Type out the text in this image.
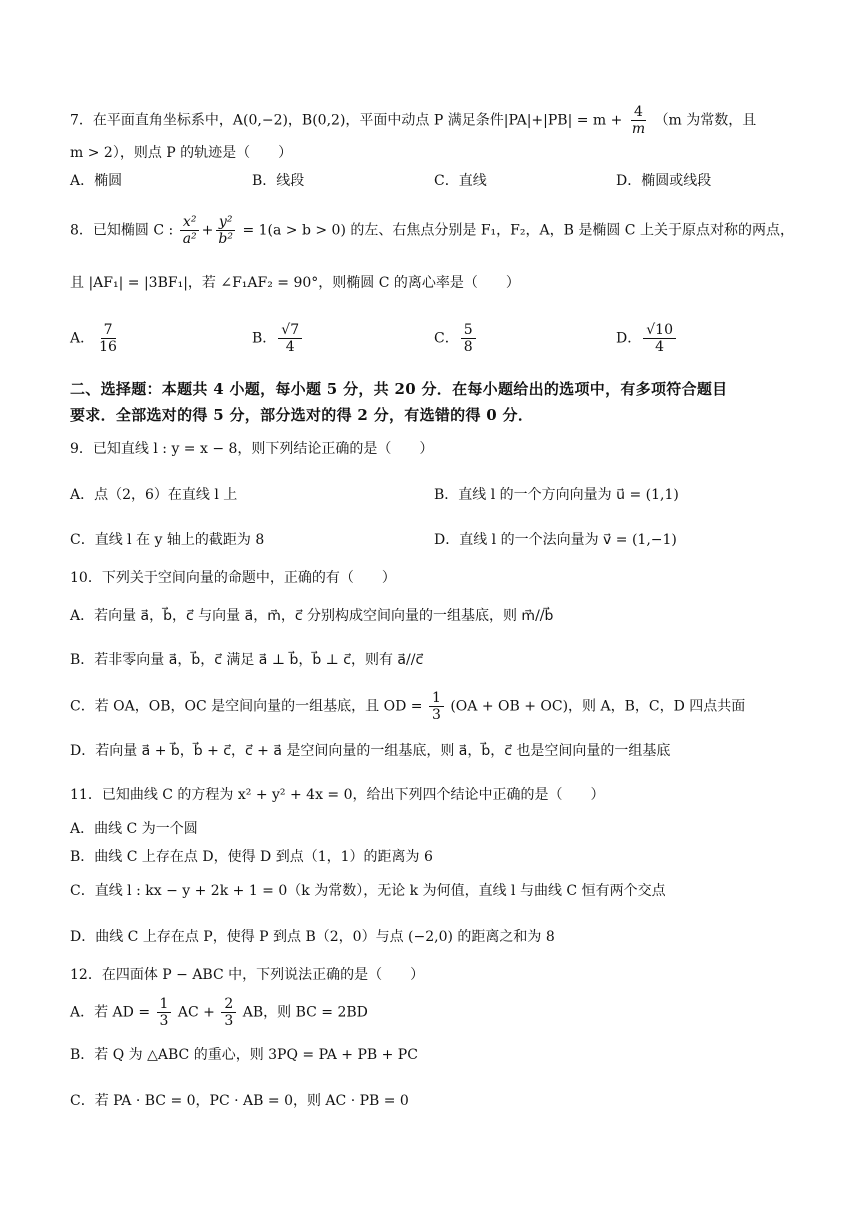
7．在平面直角坐标系中，A(0,−2)，B(0,2)，平面中动点 P 满足条件$|PA|+|PB| = m + \frac{4}{m} (m$ 为常数，且
m > 2），则点 P 的轨迹是（　　）
A．椭圆	B．线段	C．直线	D．椭圆或线段
8．已知椭圆 C : $\frac{\text{x²}}{\text{a²}} + \frac{\text{y²}}{\text{b²}} = 1(a > b > 0)$ 的左、右焦点分别是 F₁，F₂，A，B 是椭圆 C 上关于原点对称的两点，
且 |AF₁| = |3BF₁|，若 ∠F₁AF₂ = 90°，则椭圆 C 的离心率是（　　）
A． $\frac{7}{16}$	B． $\frac{√7}{4}$	C． $\frac{5}{8}$	D． $\frac{√10}{4}$
二、选择题：本题共 4 小题，每小题 5 分，共 20 分．在每小题给出的选项中，有多项符合题目
要求．全部选对的得 5 分，部分选对的得 2 分，有选错的得 0 分．
9．已知直线 l : y = x − 8，则下列结论正确的是（　　）
A．点（2，6）在直线 l 上	B．直线 l 的一个方向向量为 u⃗ = (1,1)
C．直线 l 在 y 轴上的截距为 8	D．直线 l 的一个法向量为 v⃗ = (1,−1)
10．下列关于空间向量的命题中，正确的有（　　）
A．若向量 a⃗，b⃗，c⃗ 与向量 a⃗，m⃗，c⃗ 分别构成空间向量的一组基底，则 m⃗//b⃗
B．若非零向量 a⃗，b⃗，c⃗ 满足 a⃗ ⊥ b⃗，b⃗ ⊥ c⃗，则有 a⃗//c⃗
C．若 OA，OB，OC 是空间向量的一组基底，且 OD = $\frac{1}{3} (OA$ + OB + OC)，则 A，B，C，D 四点共面
D．若向量 a⃗ + b⃗，b⃗ + c⃗，c⃗ + a⃗ 是空间向量的一组基底，则 a⃗，b⃗，c⃗ 也是空间向量的一组基底
11．已知曲线 C 的方程为 x² + y² + 4x = 0，给出下列四个结论中正确的是（　　）
A．曲线 C 为一个圆
B．曲线 C 上存在点 D，使得 D 到点（1，1）的距离为 6
C．直线 l : kx − y + 2k + 1 = 0（k 为常数），无论 k 为何值，直线 l 与曲线 C 恒有两个交点
D．曲线 C 上存在点 P，使得 P 到点 B（2，0）与点 (−2,0) 的距离之和为 8
12．在四面体 P − ABC 中，下列说法正确的是（　　）
A．若 AD = $\frac{1}{3}$ AC + $\frac{2}{3}$ AB，则 BC = 2BD
B．若 Q 为 △ABC 的重心，则 3PQ = PA + PB + PC
C．若 PA · BC = 0，PC · AB = 0，则 AC · PB = 0
